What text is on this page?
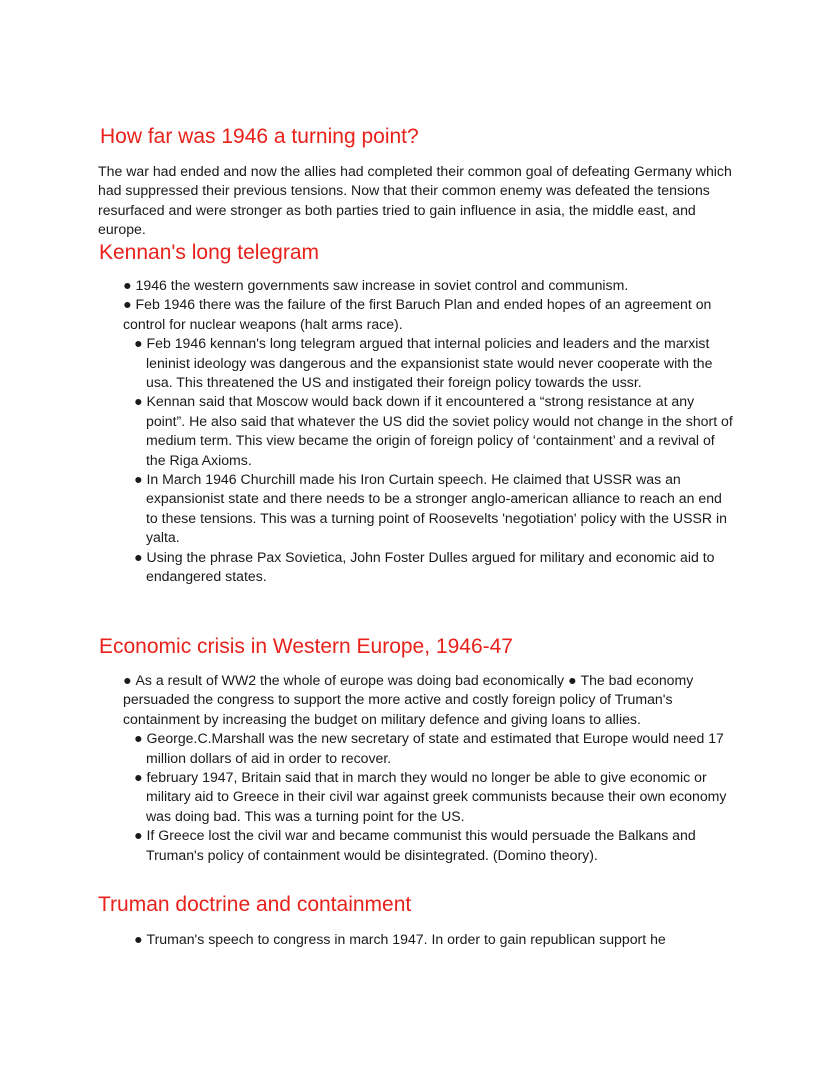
How far was 1946 a turning point?

The war had ended and now the allies had completed their common goal of defeating Germany which had suppressed their previous tensions. Now that their common enemy was defeated the tensions resurfaced and were stronger as both parties tried to gain influence in asia, the middle east, and europe.

Kennan's long telegram
● 1946 the western governments saw increase in soviet control and communism.
● Feb 1946 there was the failure of the first Baruch Plan and ended hopes of an agreement on control for nuclear weapons (halt arms race).
● Feb 1946 kennan's long telegram argued that internal policies and leaders and the marxist leninist ideology was dangerous and the expansionist state would never cooperate with the usa. This threatened the US and instigated their foreign policy towards the ussr.
● Kennan said that Moscow would back down if it encountered a “strong resistance at any point”. He also said that whatever the US did the soviet policy would not change in the short of medium term. This view became the origin of foreign policy of ‘containment’ and a revival of the Riga Axioms.
● In March 1946 Churchill made his Iron Curtain speech. He claimed that USSR was an expansionist state and there needs to be a stronger anglo-american alliance to reach an end to these tensions. This was a turning point of Roosevelts 'negotiation' policy with the USSR in yalta.
● Using the phrase Pax Sovietica, John Foster Dulles argued for military and economic aid to endangered states.
Economic crisis in Western Europe, 1946-47
● As a result of WW2 the whole of europe was doing bad economically ● The bad economy persuaded the congress to support the more active and costly foreign policy of Truman's containment by increasing the budget on military defence and giving loans to allies.
● George.C.Marshall was the new secretary of state and estimated that Europe would need 17 million dollars of aid in order to recover.
● february 1947, Britain said that in march they would no longer be able to give economic or military aid to Greece in their civil war against greek communists because their own economy was doing bad. This was a turning point for the US.
● If Greece lost the civil war and became communist this would persuade the Balkans and Truman's policy of containment would be disintegrated. (Domino theory).
Truman doctrine and containment
● Truman's speech to congress in march 1947. In order to gain republican support he
